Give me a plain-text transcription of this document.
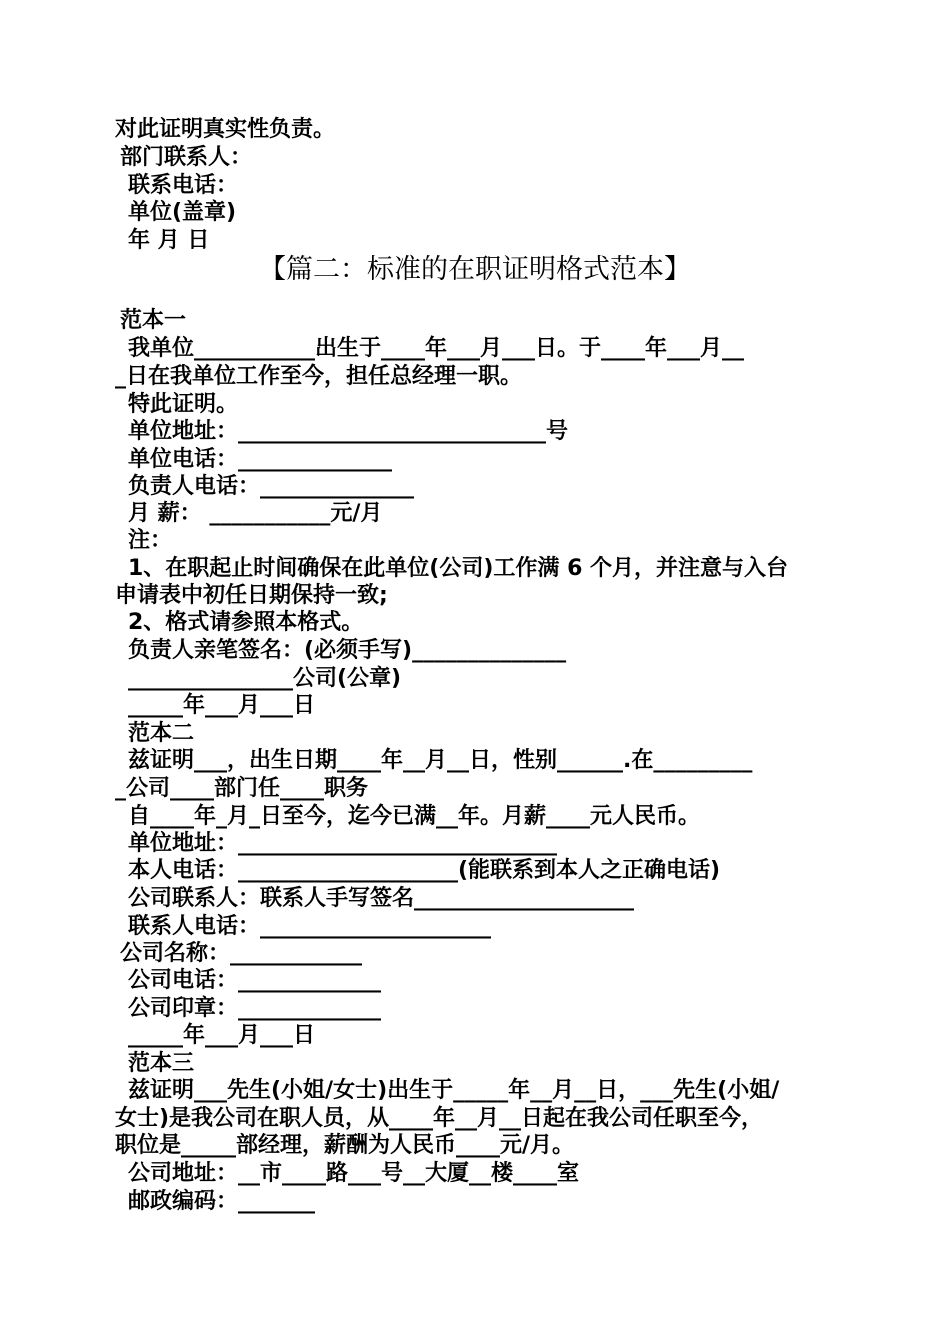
对此证明真实性负责。
部门联系人：
联系电话：
单位(盖章)
年 月 日
【篇二：标准的在职证明格式范本】
范本一
我单位___________出生于____年___月___日。于____年___月__
_日在我单位工作至今，担任总经理一职。
特此证明。
单位地址：____________________________号
单位电话：______________
负责人电话：______________
月 薪： ___________元/月
注：
1、在职起止时间确保在此单位(公司)工作满 6 个月，并注意与入台
申请表中初任日期保持一致;
2、格式请参照本格式。
负责人亲笔签名：(必须手写)______________
_______________公司(公章)
_____年___月___日
范本二
兹证明___，出生日期____年__月__日，性别______.在_________
_公司____部门任____职务
自____年_月_日至今，迄今已满__年。月薪____元人民币。
单位地址：_____________________________
本人电话：____________________(能联系到本人之正确电话)
公司联系人：联系人手写签名____________________
联系人电话：_____________________
公司名称：____________
公司电话：_____________
公司印章：_____________
_____年___月___日
范本三
兹证明___先生(小姐/女士)出生于_____年__月__日，___先生(小姐/
女士)是我公司在职人员，从____年__月__日起在我公司任职至今，
职位是_____部经理，薪酬为人民币____元/月。
公司地址：__市____路___号__大厦__楼____室
邮政编码：_______
